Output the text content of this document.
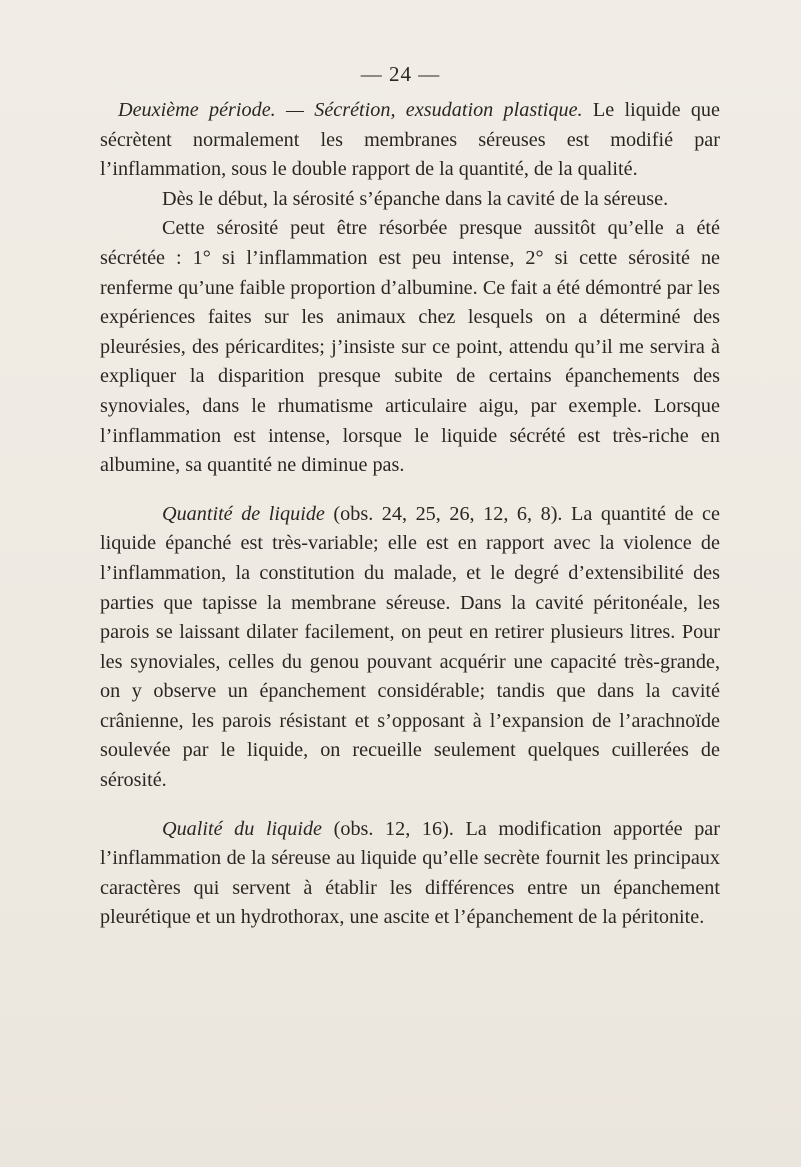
— 24 —

Deuxième période. — Sécrétion, exsudation plastique. Le liquide que sécrètent normalement les membranes séreuses est modifié par l’inflammation, sous le double rapport de la quantité, de la qualité.

Dès le début, la sérosité s’épanche dans la cavité de la séreuse.

Cette sérosité peut être résorbée presque aussitôt qu’elle a été sécrétée : 1° si l’inflammation est peu intense, 2° si cette sérosité ne renferme qu’une faible proportion d’albumine. Ce fait a été démontré par les expériences faites sur les animaux chez lesquels on a déterminé des pleurésies, des péricardites; j’insiste sur ce point, attendu qu’il me servira à expliquer la disparition presque subite de certains épanchements des synoviales, dans le rhumatisme articulaire aigu, par exemple. Lorsque l’inflammation est intense, lorsque le liquide sécrété est très-riche en albumine, sa quantité ne diminue pas.

Quantité de liquide (obs. 24, 25, 26, 12, 6, 8). La quantité de ce liquide épanché est très-variable; elle est en rapport avec la violence de l’inflammation, la constitution du malade, et le degré d’extensibilité des parties que tapisse la membrane séreuse. Dans la cavité péritonéale, les parois se laissant dilater facilement, on peut en retirer plusieurs litres. Pour les synoviales, celles du genou pouvant acquérir une capacité très-grande, on y observe un épanchement considérable; tandis que dans la cavité crânienne, les parois résistant et s’opposant à l’expansion de l’arachnoïde soulevée par le liquide, on recueille seulement quelques cuillerées de sérosité.

Qualité du liquide (obs. 12, 16). La modification apportée par l’inflammation de la séreuse au liquide qu’elle secrète fournit les principaux caractères qui servent à établir les différences entre un épanchement pleurétique et un hydrothorax, une ascite et l’épanchement de la péritonite.
